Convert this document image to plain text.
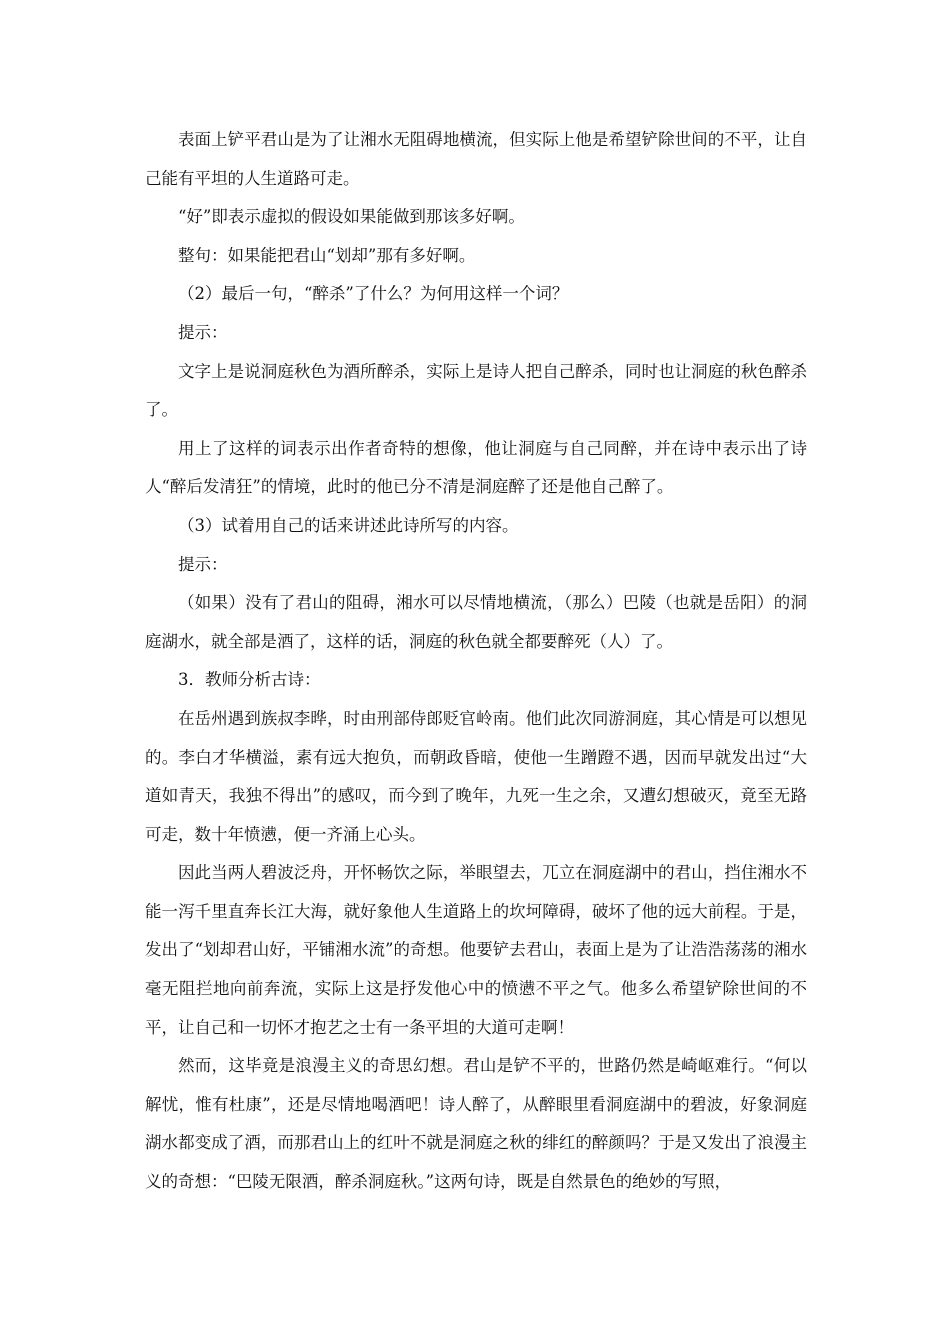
表面上铲平君山是为了让湘水无阻碍地横流，但实际上他是希望铲除世间的不平，让自己能有平坦的人生道路可走。

“好”即表示虚拟的假设如果能做到那该多好啊。

整句：如果能把君山“划却”那有多好啊。

（2）最后一句，“醉杀”了什么？为何用这样一个词？

提示：

文字上是说洞庭秋色为酒所醉杀，实际上是诗人把自己醉杀，同时也让洞庭的秋色醉杀了。

用上了这样的词表示出作者奇特的想像，他让洞庭与自己同醉，并在诗中表示出了诗人“醉后发清狂”的情境，此时的他已分不清是洞庭醉了还是他自己醉了。

（3）试着用自己的话来讲述此诗所写的内容。

提示：

（如果）没有了君山的阻碍，湘水可以尽情地横流，（那么）巴陵（也就是岳阳）的洞庭湖水，就全部是酒了，这样的话，洞庭的秋色就全都要醉死（人）了。

3．教师分析古诗：

在岳州遇到族叔李晔，时由刑部侍郎贬官岭南。他们此次同游洞庭，其心情是可以想见的。李白才华横溢，素有远大抱负，而朝政昏暗，使他一生蹭蹬不遇，因而早就发出过“大道如青天，我独不得出”的感叹，而今到了晚年，九死一生之余，又遭幻想破灭，竟至无路可走，数十年愤懑，便一齐涌上心头。

因此当两人碧波泛舟，开怀畅饮之际，举眼望去，兀立在洞庭湖中的君山，挡住湘水不能一泻千里直奔长江大海，就好象他人生道路上的坎坷障碍，破坏了他的远大前程。于是，发出了“划却君山好，平铺湘水流”的奇想。他要铲去君山，表面上是为了让浩浩荡荡的湘水毫无阻拦地向前奔流，实际上这是抒发他心中的愤懑不平之气。他多么希望铲除世间的不平，让自己和一切怀才抱艺之士有一条平坦的大道可走啊！

然而，这毕竟是浪漫主义的奇思幻想。君山是铲不平的，世路仍然是崎岖难行。“何以解忧，惟有杜康”，还是尽情地喝酒吧！诗人醉了，从醉眼里看洞庭湖中的碧波，好象洞庭湖水都变成了酒，而那君山上的红叶不就是洞庭之秋的绯红的醉颜吗？于是又发出了浪漫主义的奇想：“巴陵无限酒，醉杀洞庭秋。”这两句诗，既是自然景色的绝妙的写照，
